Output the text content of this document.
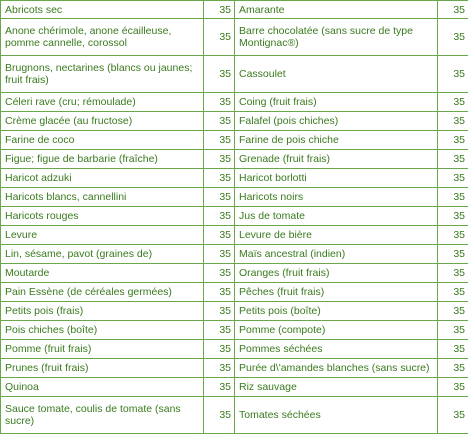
Abricots sec	35	Amarante	35
Anone chérimole, anone écailleuse, pomme cannelle, corossol	35	Barre chocolatée (sans sucre de type Montignac®)	35
Brugnons, nectarines (blancs ou jaunes; fruit frais)	35	Cassoulet	35
Céleri rave (cru; rémoulade)	35	Coing (fruit frais)	35
Crème glacée (au fructose)	35	Falafel (pois chiches)	35
Farine de coco	35	Farine de pois chiche	35
Figue; figue de barbarie (fraîche)	35	Grenade (fruit frais)	35
Haricot adzuki	35	Haricot borlotti	35
Haricots blancs, cannellini	35	Haricots noirs	35
Haricots rouges	35	Jus de tomate	35
Levure	35	Levure de bière	35
Lin, sésame, pavot (graines de)	35	Maïs ancestral (indien)	35
Moutarde	35	Oranges (fruit frais)	35
Pain Essène (de céréales germées)	35	Pêches (fruit frais)	35
Petits pois (frais)	35	Petits pois (boîte)	35
Pois chiches (boîte)	35	Pomme (compote)	35
Pomme (fruit frais)	35	Pommes séchées	35
Prunes (fruit frais)	35	Purée d\'amandes blanches (sans sucre)	35
Quinoa	35	Riz sauvage	35
Sauce tomate, coulis de tomate (sans sucre)	35	Tomates séchées	35
